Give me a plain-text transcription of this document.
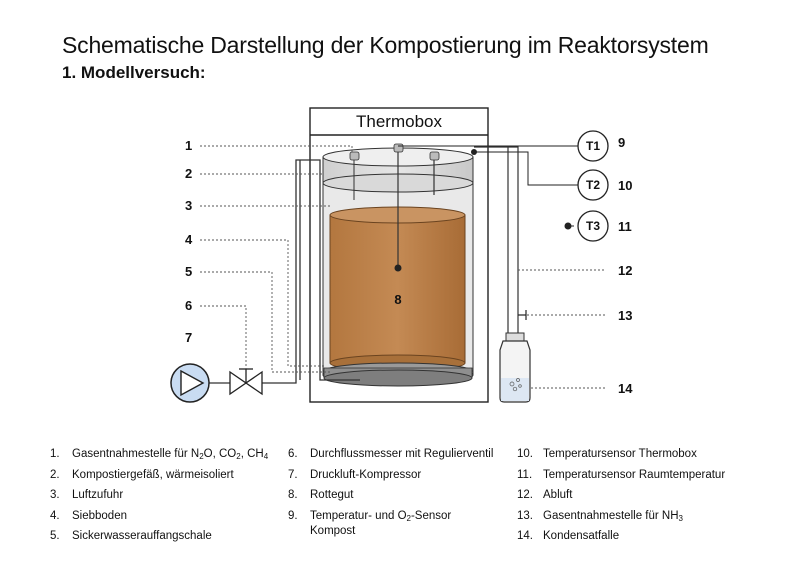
Schematische Darstellung der Kompostierung im Reaktorsystem
1. Modellversuch:
Thermobox
8
T1
T2
T3
1
2
3
4
5
6
7
9
10
11
12
13
14
1.	Gasentnahmestelle für $N_2O$, $CO_2$, $CH_4$
2.	Kompostiergefäß, wärmeisoliert
3.	Luftzufuhr
4.	Siebboden
5.	Sickerwasserauffangschale
6.	Durchflussmesser mit Regulierventil
7.	Druckluft-Kompressor
8.	Rottegut
9.	Temperatur- und $O_2$-Sensor
Kompost
10. Temperatursensor Thermobox
11. Temperatursensor Raumtemperatur
12. Abluft
13. Gasentnahmestelle für $NH_3$
14. Kondensatfalle
